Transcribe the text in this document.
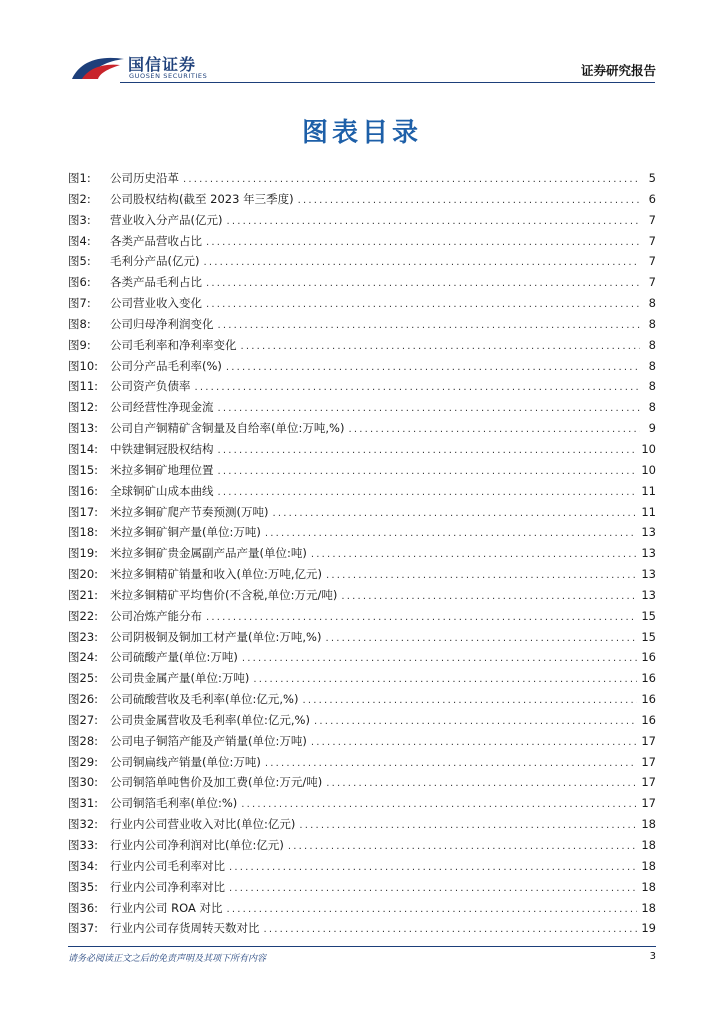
国信证券
GUOSEN SECURITIES	证券研究报告
图表目录
图1:	公司历史沿革 .....	5
图2:	公司股权结构(截至 2023 年三季度) .....	6
图3:	营业收入分产品(亿元) .....	7
图4:	各类产品营收占比 .....	7
图5:	毛利分产品(亿元) .....	7
图6:	各类产品毛利占比 .....	7
图7:	公司营业收入变化 .....	8
图8:	公司归母净利润变化 .....	8
图9:	公司毛利率和净利率变化 .....	8
图10:	公司分产品毛利率(%) .....	8
图11:	公司资产负债率 .....	8
图12:	公司经营性净现金流 .....	8
图13:	公司自产铜精矿含铜量及自给率(单位:万吨,%) .....	9
图14:	中铁建铜冠股权结构 .....	10
图15:	米拉多铜矿地理位置 .....	10
图16:	全球铜矿山成本曲线 .....	11
图17:	米拉多铜矿爬产节奏预测(万吨) .....	11
图18:	米拉多铜矿铜产量(单位:万吨) .....	13
图19:	米拉多铜矿贵金属副产品产量(单位:吨) .....	13
图20:	米拉多铜精矿销量和收入(单位:万吨,亿元) .....	13
图21:	米拉多铜精矿平均售价(不含税,单位:万元/吨) .....	13
图22:	公司冶炼产能分布 .....	15
图23:	公司阴极铜及铜加工材产量(单位:万吨,%) .....	15
图24:	公司硫酸产量(单位:万吨) .....	16
图25:	公司贵金属产量(单位:万吨) .....	16
图26:	公司硫酸营收及毛利率(单位:亿元,%) .....	16
图27:	公司贵金属营收及毛利率(单位:亿元,%) .....	16
图28:	公司电子铜箔产能及产销量(单位:万吨) .....	17
图29:	公司铜扁线产销量(单位:万吨) .....	17
图30:	公司铜箔单吨售价及加工费(单位:万元/吨) .....	17
图31:	公司铜箔毛利率(单位:%) .....	17
图32:	行业内公司营业收入对比(单位:亿元) .....	18
图33:	行业内公司净利润对比(单位:亿元) .....	18
图34:	行业内公司毛利率对比 .....	18
图35:	行业内公司净利率对比 .....	18
图36:	行业内公司 ROA 对比 .....	18
图37:	行业内公司存货周转天数对比 .....	19
请务必阅读正文之后的免责声明及其项下所有内容	3
